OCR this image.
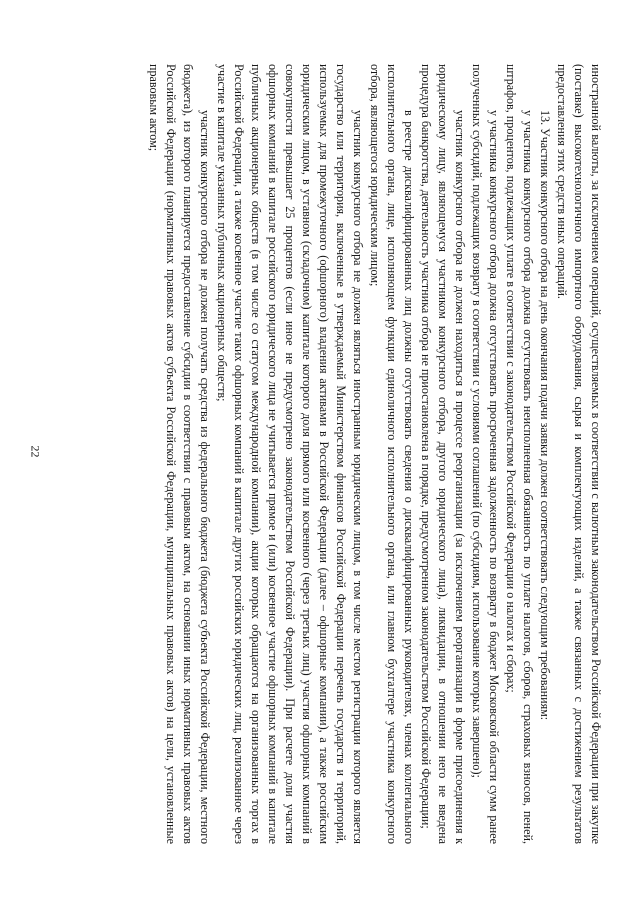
22	иностранной валюты, за исключением операций, осуществляемых в соответствии с валютным законодательством Российской Федерации при закупке (поставке) высокотехнологичного импортного оборудования, сырья и комплектующих изделий, а также связанных с достижением результатов предоставления этих средств иных операций.

13. Участник конкурсного отбора на день окончания подачи заявки должен соответствовать следующим требованиям:

у участника конкурсного отбора должна отсутствовать неисполненная обязанность по уплате налогов, сборов, страховых взносов, пеней, штрафов, процентов, подлежащих уплате в соответствии с законодательством Российской Федерации о налогах и сборах;

у участника конкурсного отбора должна отсутствовать просроченная задолженность по возврату в бюджет Московской области сумм ранее полученных субсидий, подлежащих возврату в соответствии с условиями соглашений (по субсидиям, использование которых завершено);

участник конкурсного отбора не должен находиться в процессе реорганизации (за исключением реорганизации в форме присоединения к юридическому лицу, являющемуся участником конкурсного отбора, другого юридического лица), ликвидации, в отношении него не введена процедура банкротства, деятельность участника отбора не приостановлена в порядке, предусмотренном законодательством Российской Федерации;

в реестре дисквалифицированных лиц должны отсутствовать сведения о дисквалифицированных руководителях, членах коллегиального исполнительного органа, лице, исполняющем функции единоличного исполнительного органа, или главном бухгалтере участника конкурсного отбора, являющегося юридическим лицом;

участник конкурсного отбора не должен являться иностранным юридическим лицом, в том числе местом регистрации которого является государство или территория, включенные в утверждаемый Министерством финансов Российской Федерации перечень государств и территорий, используемых для промежуточного (офшорного) владения активами в Российской Федерации (далее – офшорные компании), а также российским юридическим лицом, в уставном (складочном) капитале которого доля прямого или косвенного (через третьих лиц) участия офшорных компаний в совокупности превышает 25 процентов (если иное не предусмотрено законодательством Российской Федерации). При расчете доли участия офшорных компаний в капитале российского юридического лица не учитывается прямое и (или) косвенное участие офшорных компаний в капитале публичных акционерных обществ (в том числе со статусом международной компании), акции которых обращаются на организованных торгах в Российской Федерации, а также косвенное участие таких офшорных компаний в капитале других российских юридических лиц, реализованное через участие в капитале указанных публичных акционерных обществ;

участник конкурсного отбора не должен получать средства из федерального бюджета (бюджета субъекта Российской Федерации, местного бюджета), из которого планируется предоставление субсидии в соответствии с правовым актом, на основании иных нормативных правовых актов Российской Федерации (нормативных правовых актов субъекта Российской Федерации, муниципальных правовых актов) на цели, установленные правовым актом;
